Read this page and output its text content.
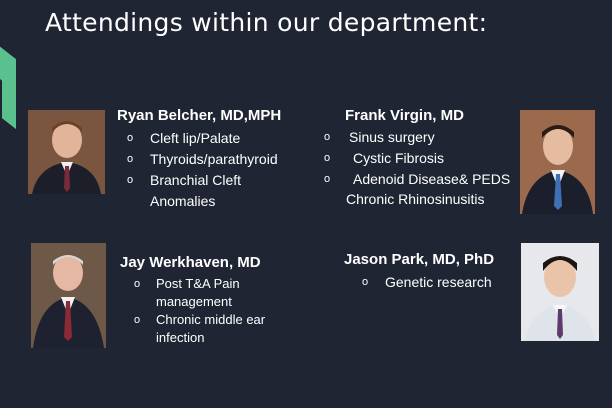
Attendings within our department:
Ryan Belcher, MD,MPH
o Cleft lip/Palate
o Thyroids/parathyroid
o Branchial Cleft
Anomalies
Frank Virgin, MD
o Sinus surgery
o Cystic Fibrosis
o Adenoid Disease& PEDS
Chronic Rhinosinusitis
Jay Werkhaven, MD
o Post T&A Pain
management
o Chronic middle ear
infection
Jason Park, MD, PhD
o Genetic research
